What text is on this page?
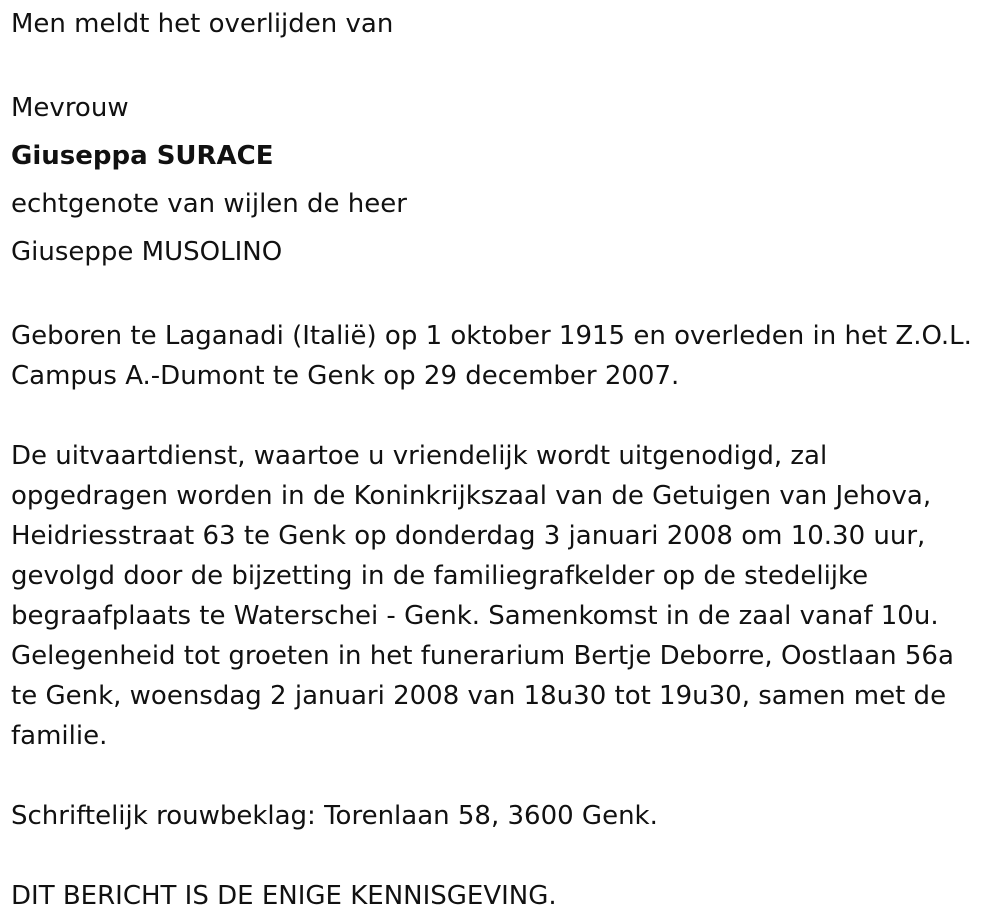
Men meldt het overlijden van
Mevrouw
Giuseppa SURACE
echtgenote van wijlen de heer
Giuseppe MUSOLINO
Geboren te Laganadi (Italië) op 1 oktober 1915 en overleden in het Z.O.L.
Campus A.-Dumont te Genk op 29 december 2007.
De uitvaartdienst, waartoe u vriendelijk wordt uitgenodigd, zal
opgedragen worden in de Koninkrijkszaal van de Getuigen van Jehova,
Heidriesstraat 63 te Genk op donderdag 3 januari 2008 om 10.30 uur,
gevolgd door de bijzetting in de familiegrafkelder op de stedelijke
begraafplaats te Waterschei - Genk. Samenkomst in de zaal vanaf 10u.
Gelegenheid tot groeten in het funerarium Bertje Deborre, Oostlaan 56a
te Genk, woensdag 2 januari 2008 van 18u30 tot 19u30, samen met de
familie.
Schriftelijk rouwbeklag: Torenlaan 58, 3600 Genk.
DIT BERICHT IS DE ENIGE KENNISGEVING.
